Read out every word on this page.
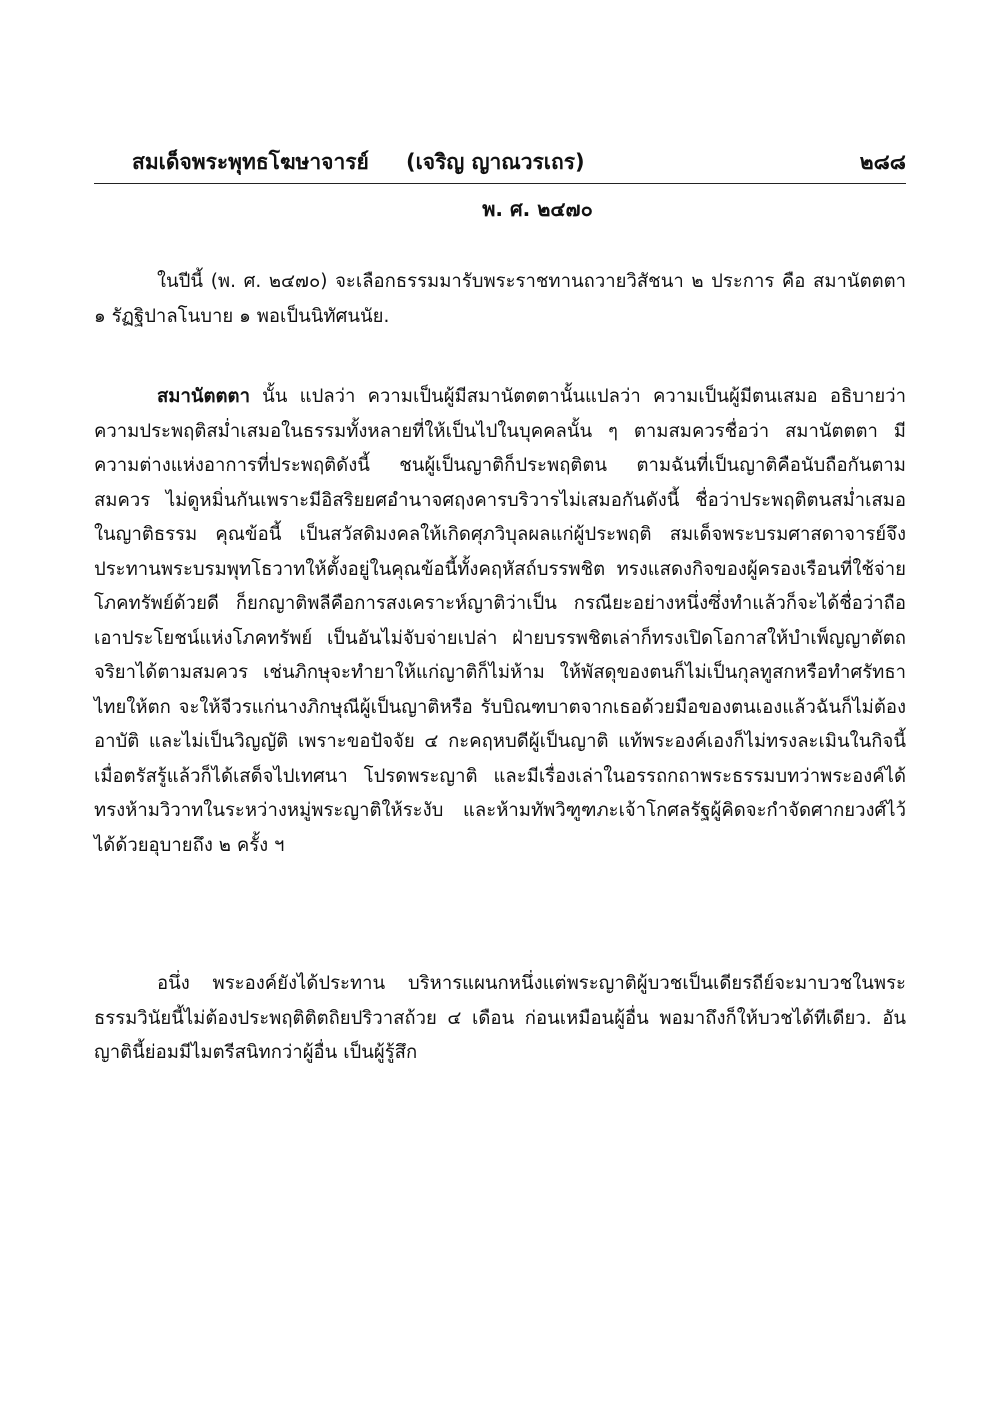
สมเด็จพระพุทธโฆษาจารย์ (เจริญ ญาณวรเถร)	๒๘๘
พ. ศ. ๒๔๗๐

ในปีนี้ (พ. ศ. ๒๔๗๐) จะเลือกธรรมมารับพระราชทานถวายวิสัชนา ๒ ประการ คือ สมานัตตตา ๑ รัฏฐิปาลโนบาย ๑ พอเป็นนิทัศนนัย.

สมานัตตตา นั้น แปลว่า ความเป็นผู้มีสมานัตตตานั้นแปลว่า ความเป็นผู้มีตนเสมอ อธิบายว่า ความประพฤติสม่ำเสมอในธรรมทั้งหลายที่ให้เป็นไปในบุคคลนั้น ๆ ตามสมควรชื่อว่า สมานัตตตา มีความต่างแห่งอาการที่ประพฤติดังนี้ ชนผู้เป็นญาติก็ประพฤติตน ตามฉันที่เป็นญาติคือนับถือกันตามสมควร ไม่ดูหมิ่นกันเพราะมีอิสริยยศอำนาจศฤงคารบริวารไม่เสมอกันดังนี้ ชื่อว่าประพฤติตนสม่ำเสมอในญาติธรรม คุณข้อนี้ เป็นสวัสดิมงคลให้เกิดศุภวิบุลผลแก่ผู้ประพฤติ สมเด็จพระบรมศาสดาจารย์จึงประทานพระบรมพุทโธวาทให้ตั้งอยู่ในคุณข้อนี้ทั้งคฤหัสถ์บรรพชิต ทรงแสดงกิจของผู้ครองเรือนที่ใช้จ่ายโภคทรัพย์ด้วยดี ก็ยกญาติพลีคือการสงเคราะห์ญาติว่าเป็น กรณียะอย่างหนึ่งซึ่งทำแล้วก็จะได้ชื่อว่าถือเอาประโยชน์แห่งโภคทรัพย์ เป็นอันไม่จับจ่ายเปล่า ฝ่ายบรรพชิตเล่าก็ทรงเปิดโอกาสให้บำเพ็ญญาตัตถจริยาได้ตามสมควร เช่นภิกษุจะทำยาให้แก่ญาติก็ไม่ห้าม ให้พัสดุของตนก็ไม่เป็นกุลทูสกหรือทำศรัทธาไทยให้ตก จะให้จีวรแก่นางภิกษุณีผู้เป็นญาติหรือ รับบิณฑบาตจากเธอด้วยมือของตนเองแล้วฉันก็ไม่ต้องอาบัติ และไม่เป็นวิญญัติ เพราะขอปัจจัย ๔ กะคฤหบดีผู้เป็นญาติ แท้พระองค์เองก็ไม่ทรงละเมินในกิจนี้ เมื่อตรัสรู้แล้วก็ได้เสด็จไปเทศนา โปรดพระญาติ และมีเรื่องเล่าในอรรถกถาพระธรรมบทว่าพระองค์ได้ทรงห้ามวิวาทในระหว่างหมู่พระญาติให้ระงับ และห้ามทัพวิฑูฑภะเจ้าโกศลรัฐผู้คิดจะกำจัดศากยวงศ์ไว้ได้ด้วยอุบายถึง ๒ ครั้ง ฯ

อนึ่ง พระองค์ยังได้ประทาน บริหารแผนกหนึ่งแต่พระญาติผู้บวชเป็นเดียรถีย์จะมาบวชในพระธรรมวินัยนี้ไม่ต้องประพฤติติตถิยปริวาสถ้วย ๔ เดือน ก่อนเหมือนผู้อื่น พอมาถึงก็ให้บวชได้ทีเดียว. อันญาตินี้ย่อมมีไมตรีสนิทกว่าผู้อื่น เป็นผู้รู้สึก
